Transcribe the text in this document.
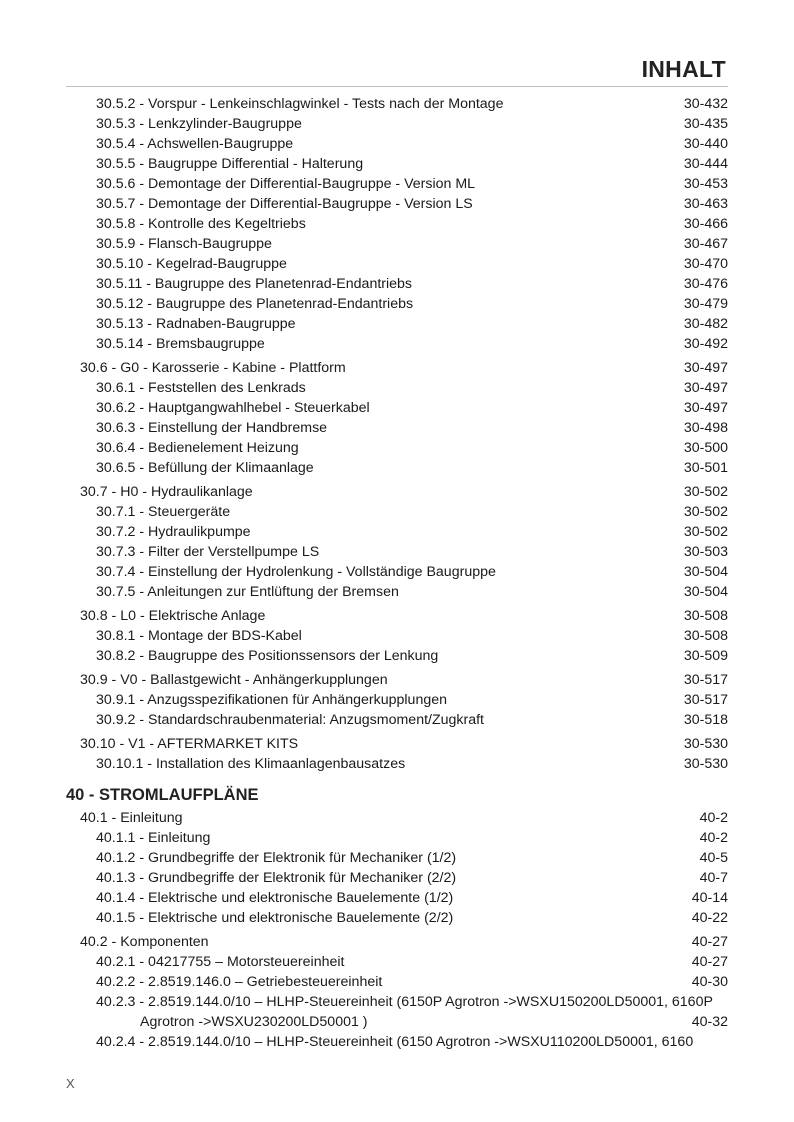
INHALT
30.5.2 - Vorspur - Lenkeinschlagwinkel - Tests nach der Montage	30-432
30.5.3 - Lenkzylinder-Baugruppe	30-435
30.5.4 - Achswellen-Baugruppe	30-440
30.5.5 - Baugruppe Differential - Halterung	30-444
30.5.6 - Demontage der Differential-Baugruppe - Version ML	30-453
30.5.7 - Demontage der Differential-Baugruppe - Version LS	30-463
30.5.8 - Kontrolle des Kegeltriebs	30-466
30.5.9 - Flansch-Baugruppe	30-467
30.5.10 - Kegelrad-Baugruppe	30-470
30.5.11 - Baugruppe des Planetenrad-Endantriebs	30-476
30.5.12 - Baugruppe des Planetenrad-Endantriebs	30-479
30.5.13 - Radnaben-Baugruppe	30-482
30.5.14 - Bremsbaugruppe	30-492
30.6 - G0 - Karosserie - Kabine - Plattform	30-497
30.6.1 - Feststellen des Lenkrads	30-497
30.6.2 - Hauptgangwahlhebel - Steuerkabel	30-497
30.6.3 - Einstellung der Handbremse	30-498
30.6.4 - Bedienelement Heizung	30-500
30.6.5 - Befüllung der Klimaanlage	30-501
30.7 - H0 - Hydraulikanlage	30-502
30.7.1 - Steuergeräte	30-502
30.7.2 - Hydraulikpumpe	30-502
30.7.3 - Filter der Verstellpumpe LS	30-503
30.7.4 - Einstellung der Hydrolenkung - Vollständige Baugruppe	30-504
30.7.5 - Anleitungen zur Entlüftung der Bremsen	30-504
30.8 - L0 - Elektrische Anlage	30-508
30.8.1 - Montage der BDS-Kabel	30-508
30.8.2 - Baugruppe des Positionssensors der Lenkung	30-509
30.9 - V0 - Ballastgewicht - Anhängerkupplungen	30-517
30.9.1 - Anzugsspezifikationen für Anhängerkupplungen	30-517
30.9.2 - Standardschraubenmaterial: Anzugsmoment/Zugkraft	30-518
30.10 - V1 - AFTERMARKET KITS	30-530
30.10.1 - Installation des Klimaanlagenbausatzes	30-530
40 - STROMLAUFPLÄNE
40.1 - Einleitung	40-2
40.1.1 - Einleitung	40-2
40.1.2 - Grundbegriffe der Elektronik für Mechaniker (1/2)	40-5
40.1.3 - Grundbegriffe der Elektronik für Mechaniker (2/2)	40-7
40.1.4 - Elektrische und elektronische Bauelemente (1/2)	40-14
40.1.5 - Elektrische und elektronische Bauelemente (2/2)	40-22
40.2 - Komponenten	40-27
40.2.1 - 04217755 – Motorsteuereinheit	40-27
40.2.2 - 2.8519.146.0 – Getriebesteuereinheit	40-30
40.2.3 - 2.8519.144.0/10 – HLHP-Steuereinheit (6150P Agrotron ->WSXU150200LD50001, 6160P
Agrotron ->WSXU230200LD50001 )	40-32
40.2.4 - 2.8519.144.0/10 – HLHP-Steuereinheit (6150 Agrotron ->WSXU110200LD50001, 6160
X
